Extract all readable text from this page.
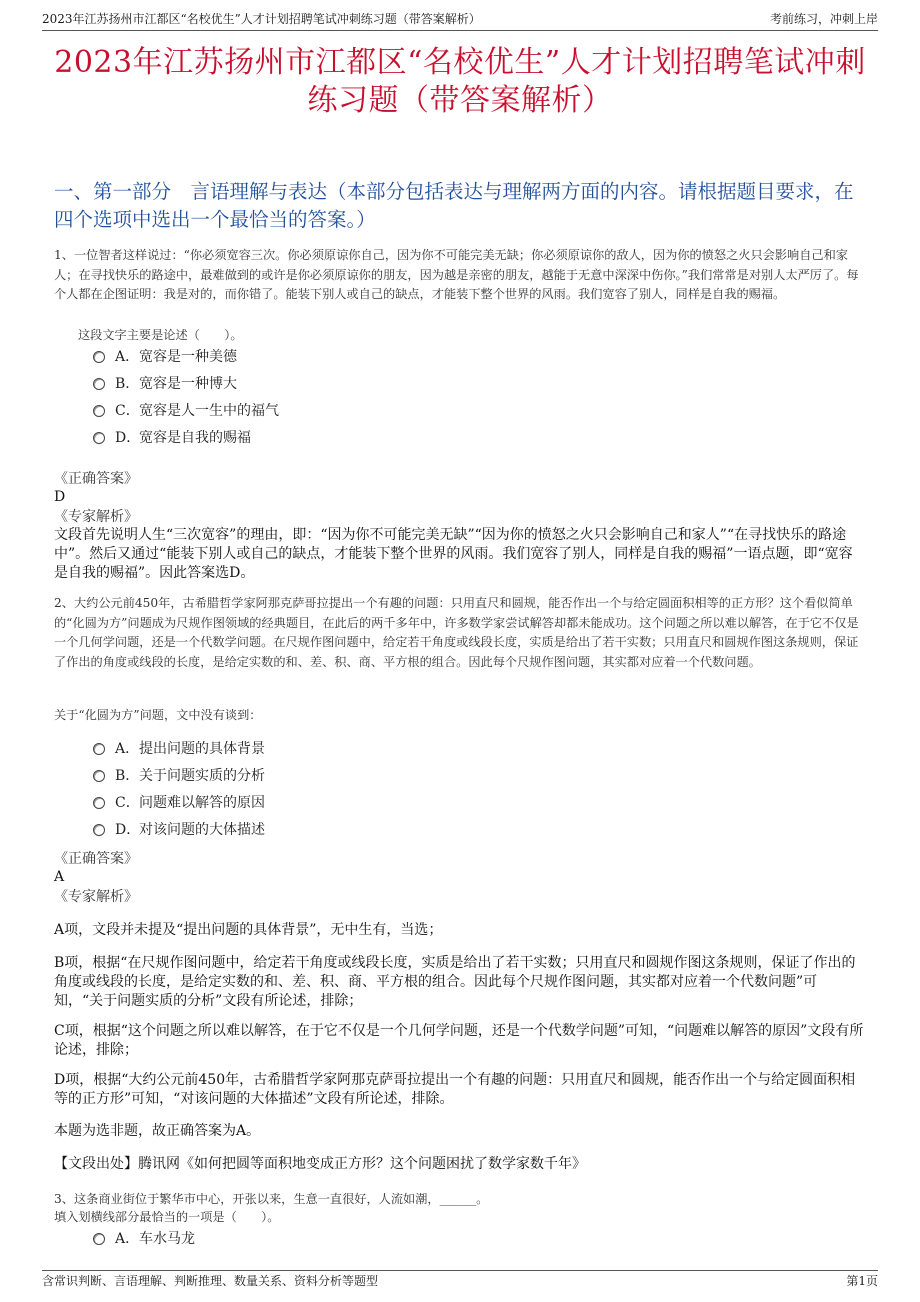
2023年江苏扬州市江都区“名校优生”人才计划招聘笔试冲刺练习题（带答案解析）	考前练习，冲刺上岸
2023年江苏扬州市江都区“名校优生”人才计划招聘笔试冲刺练习题（带答案解析）
一、第一部分　言语理解与表达（本部分包括表达与理解两方面的内容。请根据题目要求，在四个选项中选出一个最恰当的答案。）
1、一位智者这样说过：“你必须宽容三次。你必须原谅你自己，因为你不可能完美无缺；你必须原谅你的敌人，因为你的愤怒之火只会影响自己和家人；在寻找快乐的路途中，最难做到的或许是你必须原谅你的朋友，因为越是亲密的朋友，越能于无意中深深中伤你。”我们常常是对别人太严厉了。每个人都在企图证明：我是对的，而你错了。能装下别人或自己的缺点，才能装下整个世界的风雨。我们宽容了别人，同样是自我的赐福。
这段文字主要是论述（　　）。
A．宽容是一种美德
B．宽容是一种博大
C．宽容是人一生中的福气
D．宽容是自我的赐福
《正确答案》
D
《专家解析》
文段首先说明人生“三次宽容”的理由，即：“因为你不可能完美无缺”“因为你的愤怒之火只会影响自己和家人”“在寻找快乐的路途中”。然后又通过“能装下别人或自己的缺点，才能装下整个世界的风雨。我们宽容了别人，同样是自我的赐福”一语点题，即“宽容是自我的赐福”。因此答案选D。
2、大约公元前450年，古希腊哲学家阿那克萨哥拉提出一个有趣的问题：只用直尺和圆规，能否作出一个与给定圆面积相等的正方形？这个看似简单的“化圆为方”问题成为尺规作图领域的经典题目，在此后的两千多年中，许多数学家尝试解答却都未能成功。这个问题之所以难以解答，在于它不仅是一个几何学问题，还是一个代数学问题。在尺规作图问题中，给定若干角度或线段长度，实质是给出了若干实数；只用直尺和圆规作图这条规则，保证了作出的角度或线段的长度，是给定实数的和、差、积、商、平方根的组合。因此每个尺规作图问题，其实都对应着一个代数问题。
关于“化圆为方”问题，文中没有谈到：
A．提出问题的具体背景
B．关于问题实质的分析
C．问题难以解答的原因
D．对该问题的大体描述
《正确答案》
A
《专家解析》
A项，文段并未提及“提出问题的具体背景”，无中生有，当选；
B项，根据“在尺规作图问题中，给定若干角度或线段长度，实质是给出了若干实数；只用直尺和圆规作图这条规则，保证了作出的角度或线段的长度，是给定实数的和、差、积、商、平方根的组合。因此每个尺规作图问题，其实都对应着一个代数问题”可知，“关于问题实质的分析”文段有所论述，排除；
C项，根据“这个问题之所以难以解答，在于它不仅是一个几何学问题，还是一个代数学问题”可知，“问题难以解答的原因”文段有所论述，排除；
D项，根据“大约公元前450年，古希腊哲学家阿那克萨哥拉提出一个有趣的问题：只用直尺和圆规，能否作出一个与给定圆面积相等的正方形”可知，“对该问题的大体描述”文段有所论述，排除。
本题为选非题，故正确答案为A。
【文段出处】腾讯网《如何把圆等面积地变成正方形？这个问题困扰了数学家数千年》
3、这条商业街位于繁华市中心，开张以来，生意一直很好，人流如潮，______。
填入划横线部分最恰当的一项是（　　）。
A．车水马龙
含常识判断、言语理解、判断推理、数量关系、资料分析等题型	第1页
